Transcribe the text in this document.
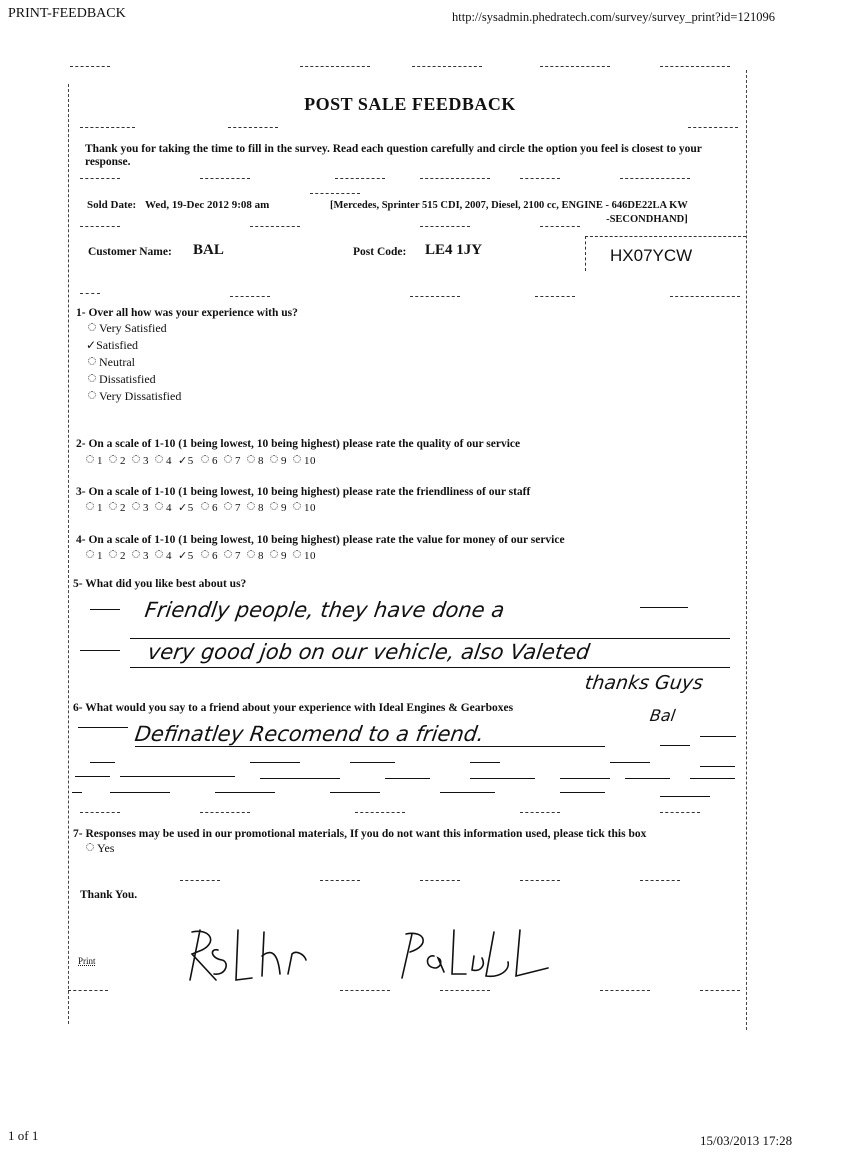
PRINT-FEEDBACK	http://sysadmin.phedratech.com/survey/survey_print?id=121096
1 of 1	15/03/2013 17:28
POST SALE FEEDBACK
Thank you for taking the time to fill in the survey. Read each question carefully and circle the option you feel is closest to your response.
Sold Date: Wed, 19-Dec 2012 9:08 am	[Mercedes, Sprinter 515 CDI, 2007, Diesel, 2100 cc, ENGINE - 646DE22LA KW
-SECONDHAND]
Customer Name: BAL	Post Code: LE4 1JY	HX07YCW
1- Over all how was your experience with us?
Very Satisfied
✓Satisfied
Neutral
Dissatisfied
Very Dissatisfied
2- On a scale of 1-10 (1 being lowest, 10 being highest) please rate the quality of our service
1 2 3 4 ✓5 6 7 8 9 10
3- On a scale of 1-10 (1 being lowest, 10 being highest) please rate the friendliness of our staff
1 2 3 4 ✓5 6 7 8 9 10
4- On a scale of 1-10 (1 being lowest, 10 being highest) please rate the value for money of our service
1 2 3 4 ✓5 6 7 8 9 10
5- What did you like best about us?
Friendly people, they have done a
very good job on our vehicle, also Valeted
thanks Guys
6- What would you say to a friend about your experience with Ideal Engines & Gearboxes
Definatley Recomend to a friend.
Bal
7- Responses may be used in our promotional materials, If you do not want this information used, please tick this box
Yes
Thank You.
Print
